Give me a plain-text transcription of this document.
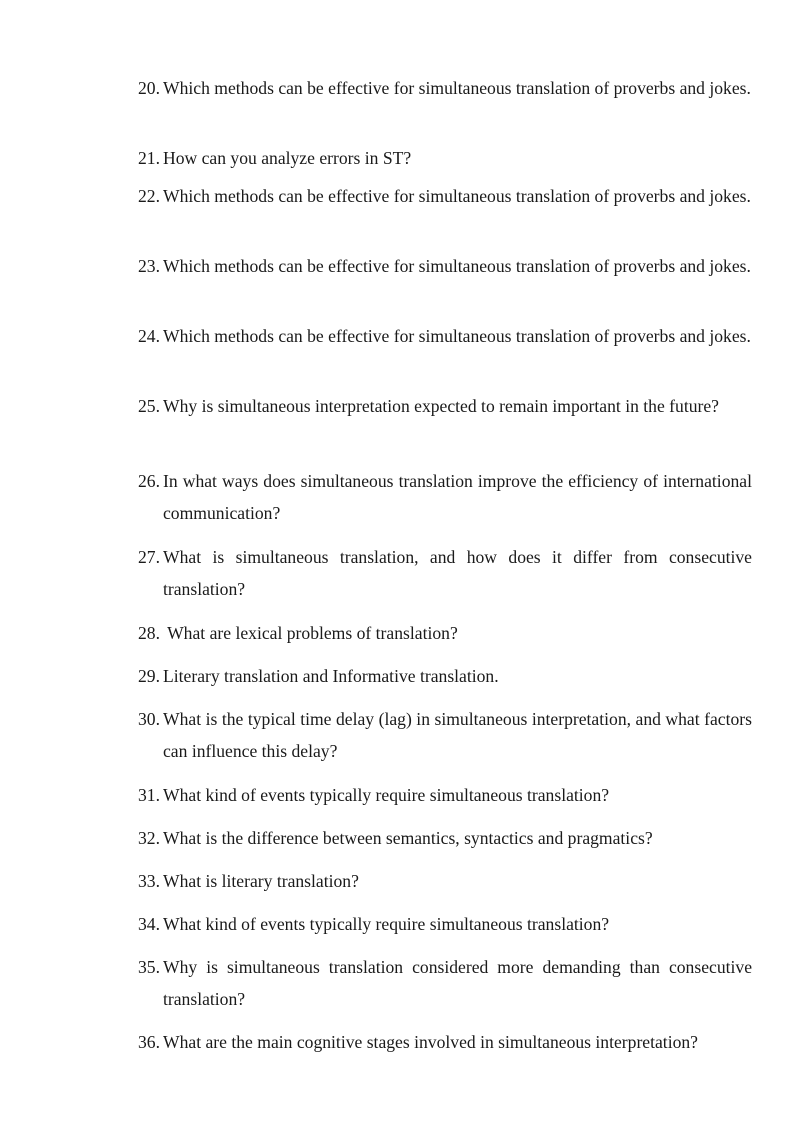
20. Which methods can be effective for simultaneous translation of proverbs and jokes.
21. How can you analyze errors in ST?
22. Which methods can be effective for simultaneous translation of proverbs and jokes.
23. Which methods can be effective for simultaneous translation of proverbs and jokes.
24. Which methods can be effective for simultaneous translation of proverbs and jokes.
25. Why is simultaneous interpretation expected to remain important in the future?
26. In what ways does simultaneous translation improve the efficiency of international communication?
27. What is simultaneous translation, and how does it differ from consecutive translation?
28. What are lexical problems of translation?
29. Literary translation and Informative translation.
30. What is the typical time delay (lag) in simultaneous interpretation, and what factors can influence this delay?
31. What kind of events typically require simultaneous translation?
32. What is the difference between semantics, syntactics and pragmatics?
33. What is literary translation?
34. What kind of events typically require simultaneous translation?
35. Why is simultaneous translation considered more demanding than consecutive translation?
36. What are the main cognitive stages involved in simultaneous interpretation?
